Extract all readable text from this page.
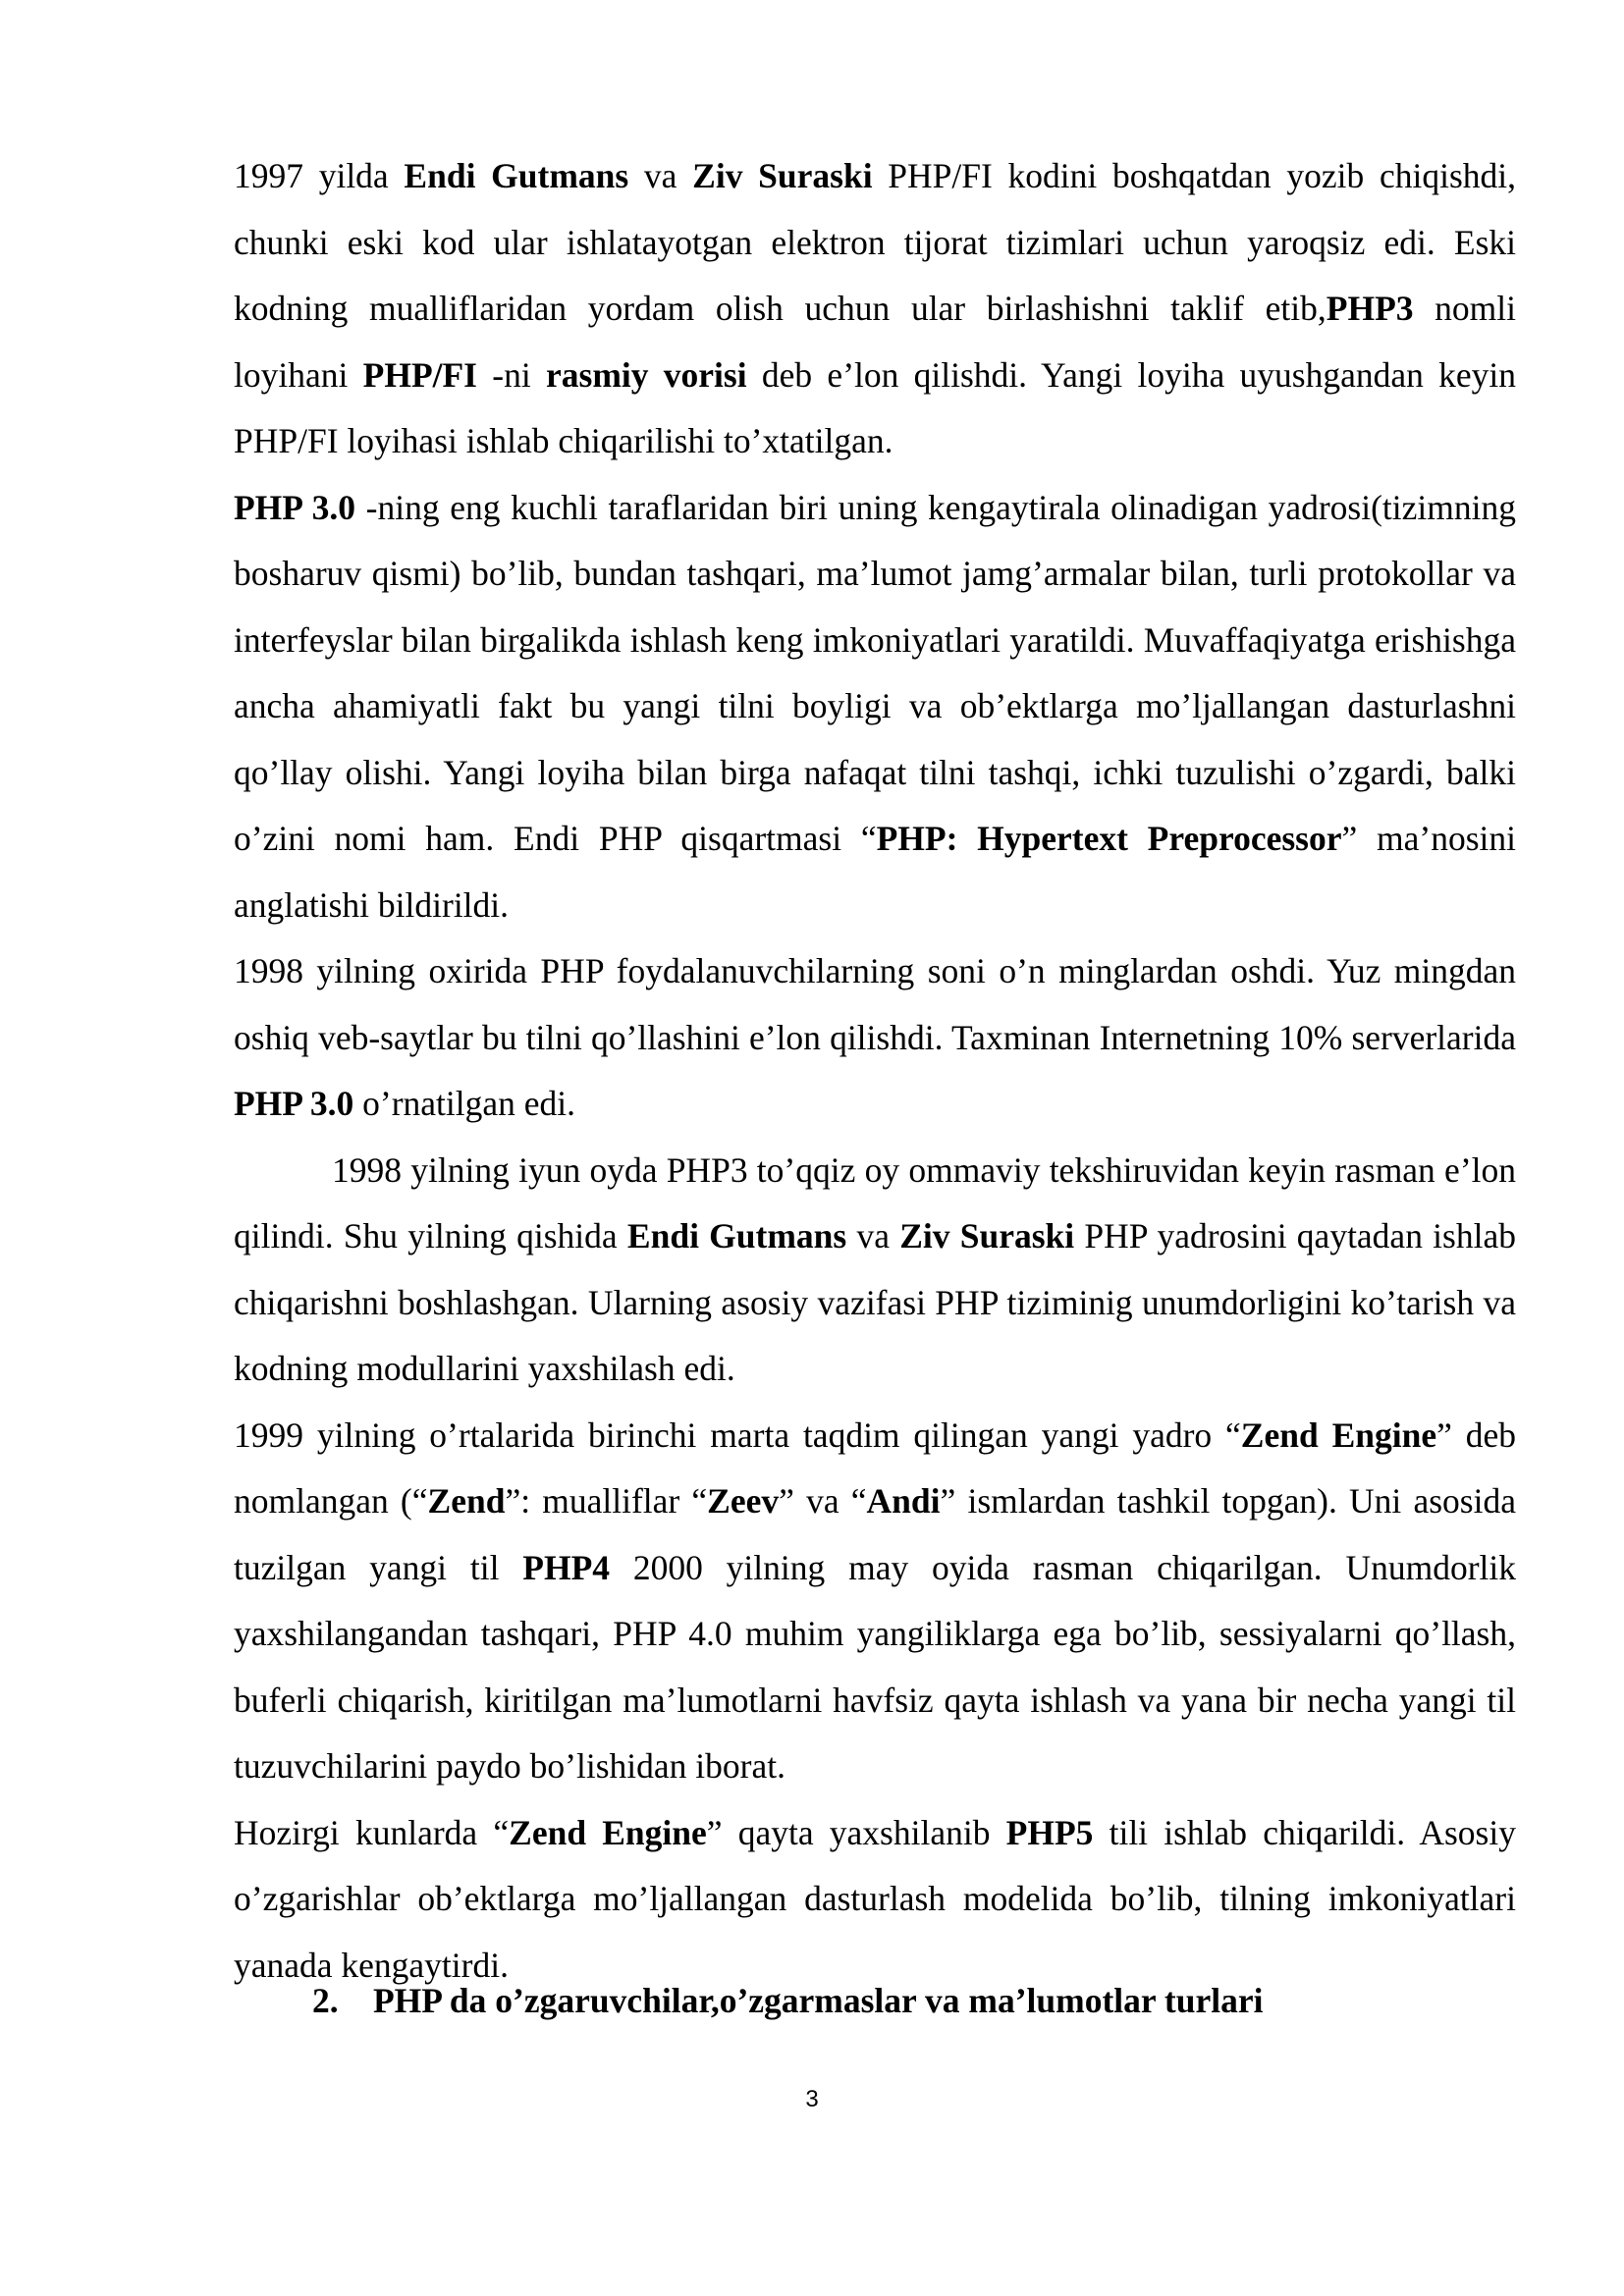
1997 yilda Endi Gutmans va Ziv Suraski PHP/FI kodini boshqatdan yozib chiqishdi, chunki eski kod ular ishlatayotgan elektron tijorat tizimlari uchun yaroqsiz edi. Eski kodning mualliflaridan yordam olish uchun ular birlashishni taklif etib,PHP3 nomli loyihani PHP/FI -ni rasmiy vorisi deb e’lon qilishdi. Yangi loyiha uyushgandan keyin PHP/FI loyihasi ishlab chiqarilishi to’xtatilgan.

PHP 3.0 -ning eng kuchli taraflaridan biri uning kengaytirala olinadigan yadrosi(tizimning bosharuv qismi) bo’lib, bundan tashqari, ma’lumot jamg’armalar bilan, turli protokollar va interfeyslar bilan birgalikda ishlash keng imkoniyatlari yaratildi. Muvaffaqiyatga erishishga ancha ahamiyatli fakt bu yangi tilni boyligi va ob’ektlarga mo’ljallangan dasturlashni qo’llay olishi. Yangi loyiha bilan birga nafaqat tilni tashqi, ichki tuzulishi o’zgardi, balki o’zini nomi ham. Endi PHP qisqartmasi “PHP: Hypertext Preprocessor” ma’nosini anglatishi bildirildi.

1998 yilning oxirida PHP foydalanuvchilarning soni o’n minglardan oshdi. Yuz mingdan oshiq veb-saytlar bu tilni qo’llashini e’lon qilishdi. Taxminan Internetning 10% serverlarida PHP 3.0 o’rnatilgan edi.

1998 yilning iyun oyda PHP3 to’qqiz oy ommaviy tekshiruvidan keyin rasman e’lon qilindi. Shu yilning qishida Endi Gutmans va Ziv Suraski PHP yadrosini qaytadan ishlab chiqarishni boshlashgan. Ularning asosiy vazifasi PHP tiziminig unumdorligini ko’tarish va kodning modullarini yaxshilash edi.

1999 yilning o’rtalarida birinchi marta taqdim qilingan yangi yadro “Zend Engine” deb nomlangan (“Zend”: mualliflar “Zeev” va “Andi” ismlardan tashkil topgan). Uni asosida tuzilgan yangi til PHP4 2000 yilning may oyida rasman chiqarilgan. Unumdorlik yaxshilangandan tashqari, PHP 4.0 muhim yangiliklarga ega bo’lib, sessiyalarni qo’llash, buferli chiqarish, kiritilgan ma’lumotlarni havfsiz qayta ishlash va yana bir necha yangi til tuzuvchilarini paydo bo’lishidan iborat.

Hozirgi kunlarda “Zend Engine” qayta yaxshilanib PHP5 tili ishlab chiqarildi. Asosiy o’zgarishlar ob’ektlarga mo’ljallangan dasturlash modelida bo’lib, tilning imkoniyatlari yanada kengaytirdi.

2. PHP da o’zgaruvchilar,o’zgarmaslar va ma’lumotlar turlari
3
